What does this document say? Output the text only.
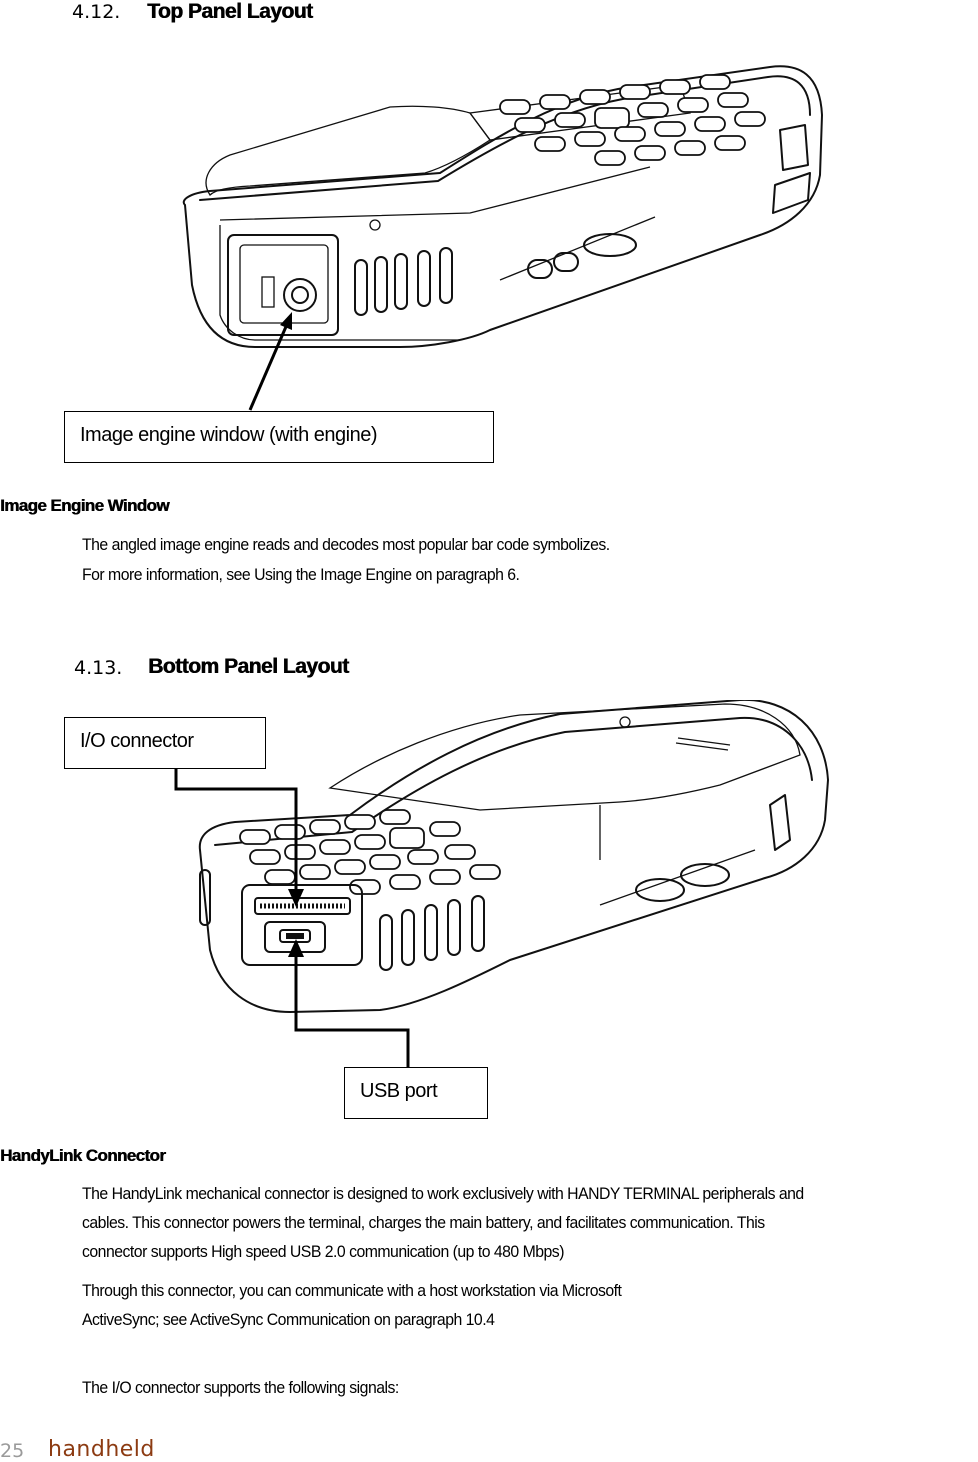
4.12. Top Panel Layout
Image engine window (with engine)
Image Engine Window
The angled image engine reads and decodes most popular bar code symbolizes.
For more information, see Using the Image Engine on paragraph 6.
4.13. Bottom Panel Layout
I/O connector
USB port
HandyLink Connector
The HandyLink mechanical connector is designed to work exclusively with HANDY TERMINAL peripherals and
cables. This connector powers the terminal, charges the main battery, and facilitates communication. This
connector supports High speed USB 2.0 communication (up to 480 Mbps)
Through this connector, you can communicate with a host workstation via Microsoft
ActiveSync; see ActiveSync Communication on paragraph 10.4
The I/O connector supports the following signals:
25 handheld
